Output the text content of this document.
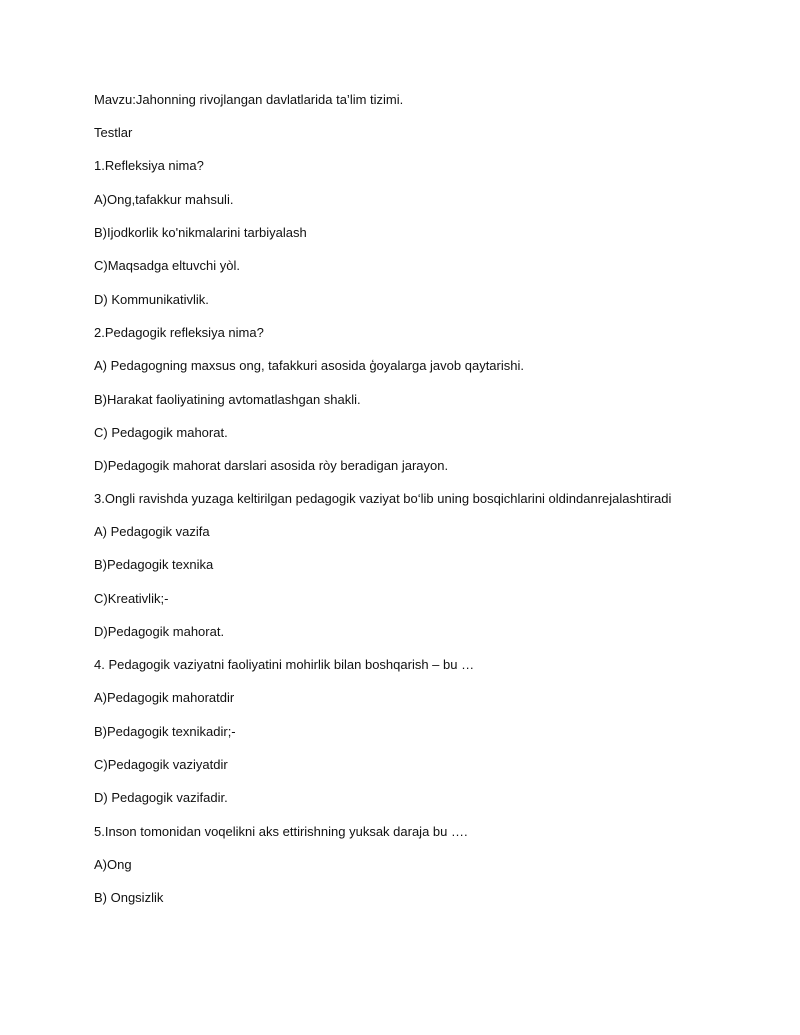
Mavzu:Jahonning rivojlangan davlatlarida ta’lim tizimi.

Testlar

1.Refleksiya nima?

A)Ong,tafakkur mahsuli.

B)Ijodkorlik ko'nikmalarini tarbiyalash

C)Maqsadga eltuvchi yòl.

D) Kommunikativlik.

2.Pedagogik refleksiya nima?

A) Pedagogning maxsus ong, tafakkuri asosida ģoyalarga javob qaytarishi.

B)Harakat faoliyatining avtomatlashgan shakli.

C) Pedagogik mahorat.

D)Pedagogik mahorat darslari asosida ròy beradigan jarayon.

3.Ongli ravishda yuzaga keltirilgan pedagogik vaziyat bo‘lib uning bosqichlarini oldindanrejalashtiradi

A) Pedagogik vazifa

B)Pedagogik texnika

C)Kreativlik;-

D)Pedagogik mahorat.

4. Pedagogik vaziyatni faoliyatini mohirlik bilan boshqarish – bu …

A)Pedagogik mahoratdir

B)Pedagogik texnikadir;-

C)Pedagogik vaziyatdir

D) Pedagogik vazifadir.

5.Inson tomonidan voqelikni aks ettirishning yuksak daraja bu ….

A)Ong

B) Ongsizlik
